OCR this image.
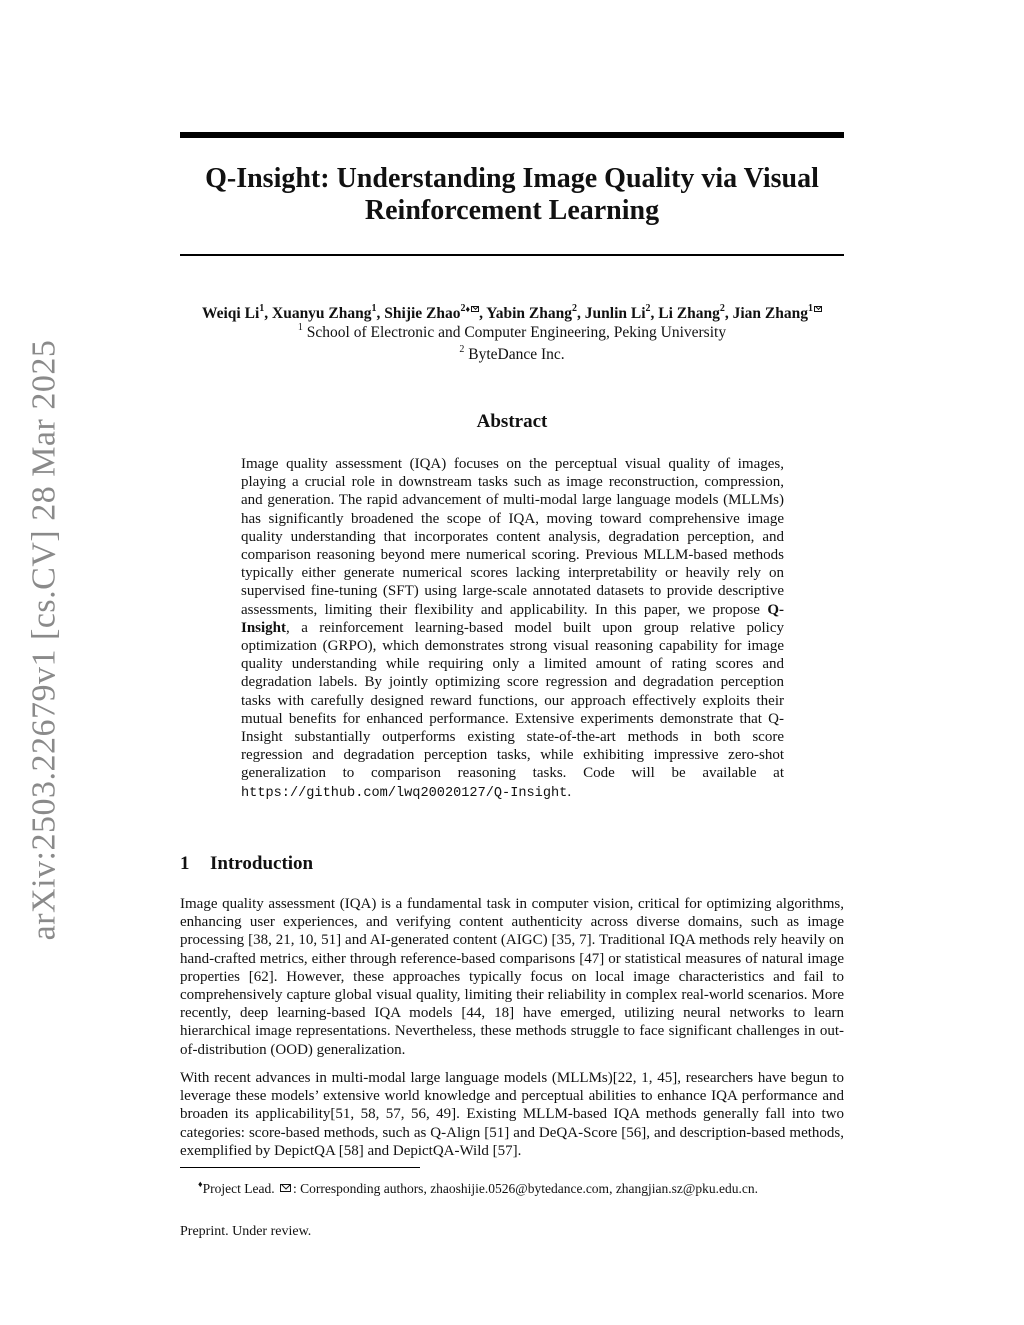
arXiv:2503.22679v1 [cs.CV] 28 Mar 2025
Q-Insight: Understanding Image Quality via Visual Reinforcement Learning
Weiqi Li$^1$, Xuanyu Zhang$^1$, Shijie Zhao$^{2♦}$ , Yabin Zhang$^2$, Junlin Li$^2$, Li Zhang$^2$, Jian Zhang$^1$
$^1$ School of Electronic and Computer Engineering, Peking University
$^2$ ByteDance Inc.
Abstract

Image quality assessment (IQA) focuses on the perceptual visual quality of images, playing a crucial role in downstream tasks such as image reconstruction, compression, and generation. The rapid advancement of multi-modal large language models (MLLMs) has significantly broadened the scope of IQA, moving toward comprehensive image quality understanding that incorporates content analysis, degradation perception, and comparison reasoning beyond mere numerical scoring. Previous MLLM-based methods typically either generate numerical scores lacking interpretability or heavily rely on supervised fine-tuning (SFT) using large-scale annotated datasets to provide descriptive assessments, limiting their flexibility and applicability. In this paper, we propose Q-Insight, a reinforcement learning-based model built upon group relative policy optimization (GRPO), which demonstrates strong visual reasoning capability for image quality understanding while requiring only a limited amount of rating scores and degradation labels. By jointly optimizing score regression and degradation perception tasks with carefully designed reward functions, our approach effectively exploits their mutual benefits for enhanced performance. Extensive experiments demonstrate that Q-Insight substantially outperforms existing state-of-the-art methods in both score regression and degradation perception tasks, while exhibiting impressive zero-shot generalization to comparison reasoning tasks. Code will be available at https://github.com/lwq20020127/Q-Insight.

1 Introduction

Image quality assessment (IQA) is a fundamental task in computer vision, critical for optimizing algorithms, enhancing user experiences, and verifying content authenticity across diverse domains, such as image processing [38, 21, 10, 51] and AI-generated content (AIGC) [35, 7]. Traditional IQA methods rely heavily on hand-crafted metrics, either through reference-based comparisons [47] or statistical measures of natural image properties [62]. However, these approaches typically focus on local image characteristics and fail to comprehensively capture global visual quality, limiting their reliability in complex real-world scenarios. More recently, deep learning-based IQA models [44, 18] have emerged, utilizing neural networks to learn hierarchical image representations. Nevertheless, these methods struggle to face significant challenges in out-of-distribution (OOD) generalization.

With recent advances in multi-modal large language models (MLLMs)[22, 1, 45], researchers have begun to leverage these models’ extensive world knowledge and perceptual abilities to enhance IQA performance and broaden its applicability[51, 58, 57, 56, 49]. Existing MLLM-based IQA methods generally fall into two categories: score-based methods, such as Q-Align [51] and DeQA-Score [56], and description-based methods, exemplified by DepictQA [58] and DepictQA-Wild [57].

♦Project Lead. : Corresponding authors, zhaoshijie.0526@bytedance.com, zhangjian.sz@pku.edu.cn.
Preprint. Under review.
